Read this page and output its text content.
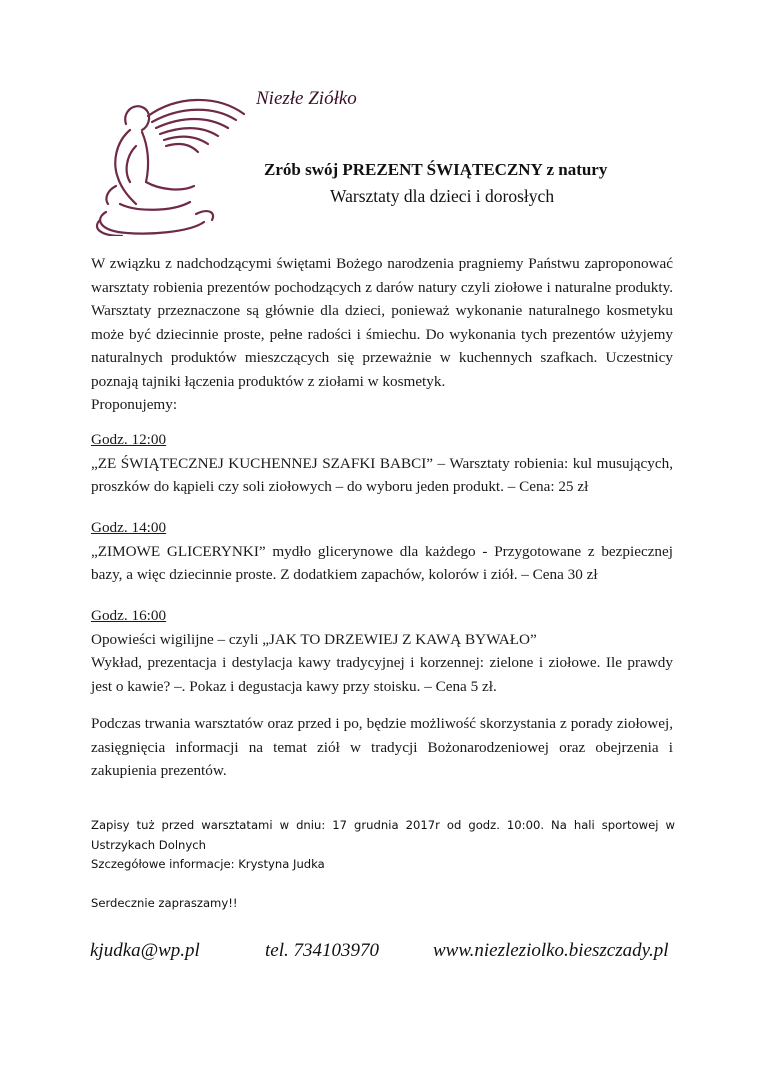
Niezłe Ziółko
Zrób swój PREZENT ŚWIĄTECZNY z natury
Warsztaty dla dzieci i dorosłych

W związku z nadchodzącymi świętami Bożego narodzenia pragniemy Państwu zaproponować warsztaty robienia prezentów pochodzących z darów natury czyli ziołowe i naturalne produkty. Warsztaty przeznaczone są głównie dla dzieci, ponieważ wykonanie naturalnego kosmetyku może być dziecinnie proste, pełne radości i śmiechu. Do wykonania tych prezentów użyjemy naturalnych produktów mieszczących się przeważnie w kuchennych szafkach. Uczestnicy poznają tajniki łączenia produktów z ziołami w kosmetyk.

Proponujemy:

Godz. 12:00

„ZE ŚWIĄTECZNEJ KUCHENNEJ SZAFKI BABCI” – Warsztaty robienia: kul musujących, proszków do kąpieli czy soli ziołowych – do wyboru jeden produkt. – Cena: 25 zł

Godz. 14:00

„ZIMOWE GLICERYNKI” mydło glicerynowe dla każdego - Przygotowane z bezpiecznej bazy, a więc dziecinnie proste. Z dodatkiem zapachów, kolorów i ziół. – Cena 30 zł

Godz. 16:00

Opowieści wigilijne – czyli „JAK TO DRZEWIEJ Z KAWĄ BYWAŁO”

Wykład, prezentacja i destylacja kawy tradycyjnej i korzennej: zielone i ziołowe. Ile prawdy jest o kawie? –. Pokaz i degustacja kawy przy stoisku. – Cena 5 zł.

Podczas trwania warsztatów oraz przed i po, będzie możliwość skorzystania z porady ziołowej, zasięgnięcia informacji na temat ziół w tradycji Bożonarodzeniowej oraz obejrzenia i zakupienia prezentów.

Zapisy tuż przed warsztatami w dniu: 17 grudnia 2017r od godz. 10:00. Na hali sportowej w Ustrzykach Dolnych

Szczegółowe informacje: Krystyna Judka

Serdecznie zapraszamy!!
kjudka@wp.pl	tel. 734103970	www.niezleziolko.bieszczady.pl
